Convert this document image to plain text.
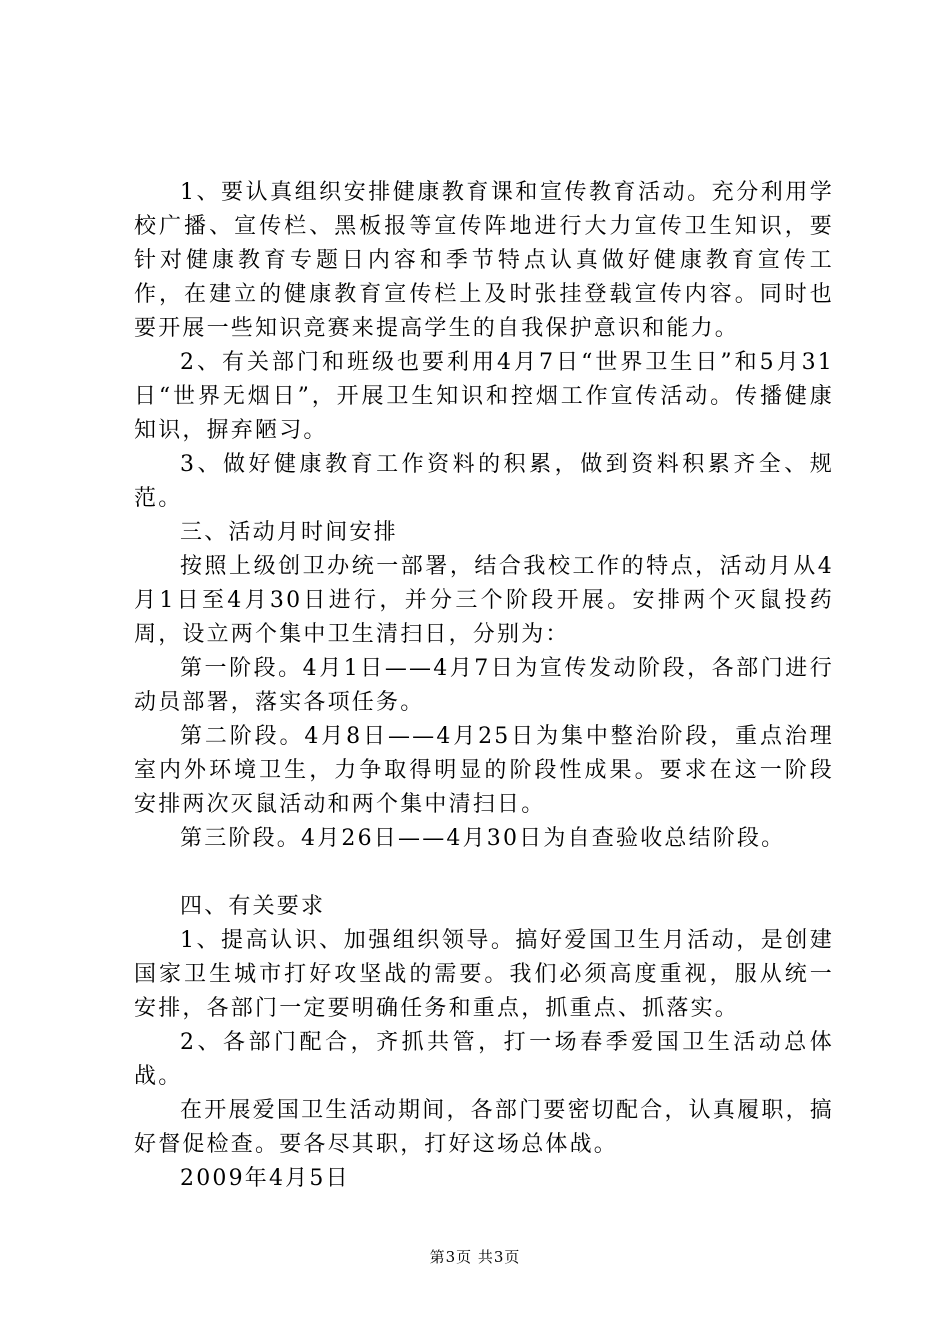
1、要认真组织安排健康教育课和宣传教育活动。充分利用学校广播、宣传栏、黑板报等宣传阵地进行大力宣传卫生知识，要针对健康教育专题日内容和季节特点认真做好健康教育宣传工作，在建立的健康教育宣传栏上及时张挂登载宣传内容。同时也要开展一些知识竞赛来提高学生的自我保护意识和能力。

2、有关部门和班级也要利用4月7日“世界卫生日”和5月31日“世界无烟日”，开展卫生知识和控烟工作宣传活动。传播健康知识，摒弃陋习。

3、做好健康教育工作资料的积累，做到资料积累齐全、规范。

三、活动月时间安排

按照上级创卫办统一部署，结合我校工作的特点，活动月从4月1日至4月30日进行，并分三个阶段开展。安排两个灭鼠投药周，设立两个集中卫生清扫日，分别为：

第一阶段。4月1日——4月7日为宣传发动阶段，各部门进行动员部署，落实各项任务。

第二阶段。4月8日——4月25日为集中整治阶段，重点治理室内外环境卫生，力争取得明显的阶段性成果。要求在这一阶段安排两次灭鼠活动和两个集中清扫日。

第三阶段。4月26日——4月30日为自查验收总结阶段。

四、有关要求

1、提高认识、加强组织领导。搞好爱国卫生月活动，是创建国家卫生城市打好攻坚战的需要。我们必须高度重视，服从统一安排，各部门一定要明确任务和重点，抓重点、抓落实。

2、各部门配合，齐抓共管，打一场春季爱国卫生活动总体战。

在开展爱国卫生活动期间，各部门要密切配合，认真履职，搞好督促检查。要各尽其职，打好这场总体战。

2009年4月5日

第3页 共3页
